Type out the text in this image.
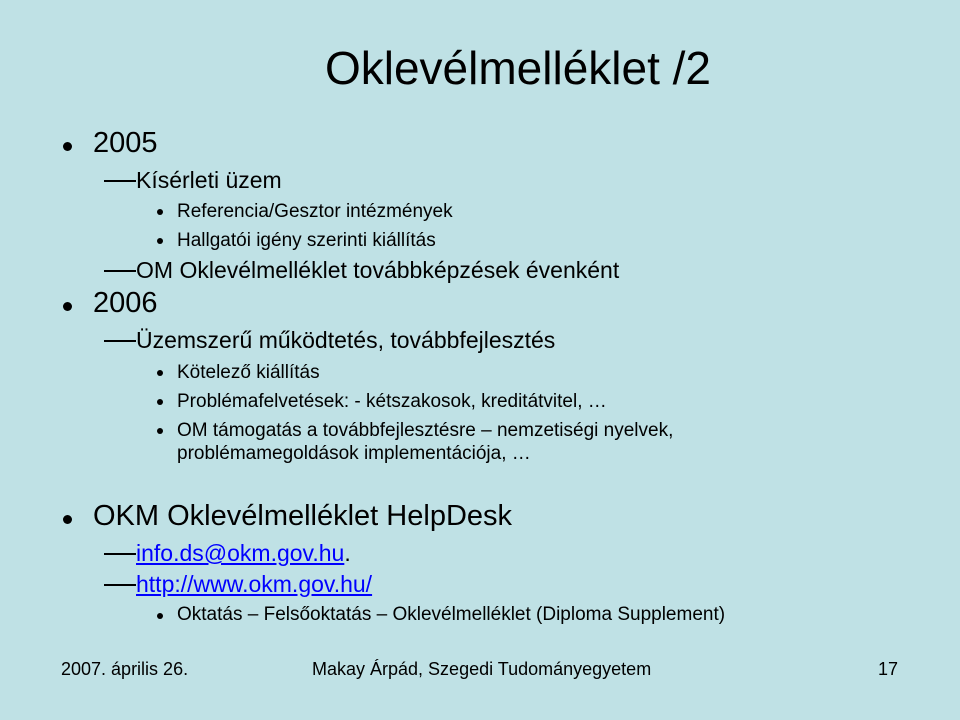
Oklevélmelléklet /2
2005
Kísérleti üzem
Referencia/Gesztor intézmények
Hallgatói igény szerinti kiállítás
OM Oklevélmelléklet továbbképzések évenként
2006
Üzemszerű működtetés, továbbfejlesztés
Kötelező kiállítás
Problémafelvetések: - kétszakosok, kreditátvitel, …
OM támogatás a továbbfejlesztésre – nemzetiségi nyelvek,
problémamegoldások implementációja, …
OKM Oklevélmelléklet HelpDesk
info.ds@okm.gov.hu.
http://www.okm.gov.hu/
Oktatás – Felsőoktatás – Oklevélmelléklet (Diploma Supplement)
2007. április 26.	Makay Árpád, Szegedi Tudományegyetem	17
